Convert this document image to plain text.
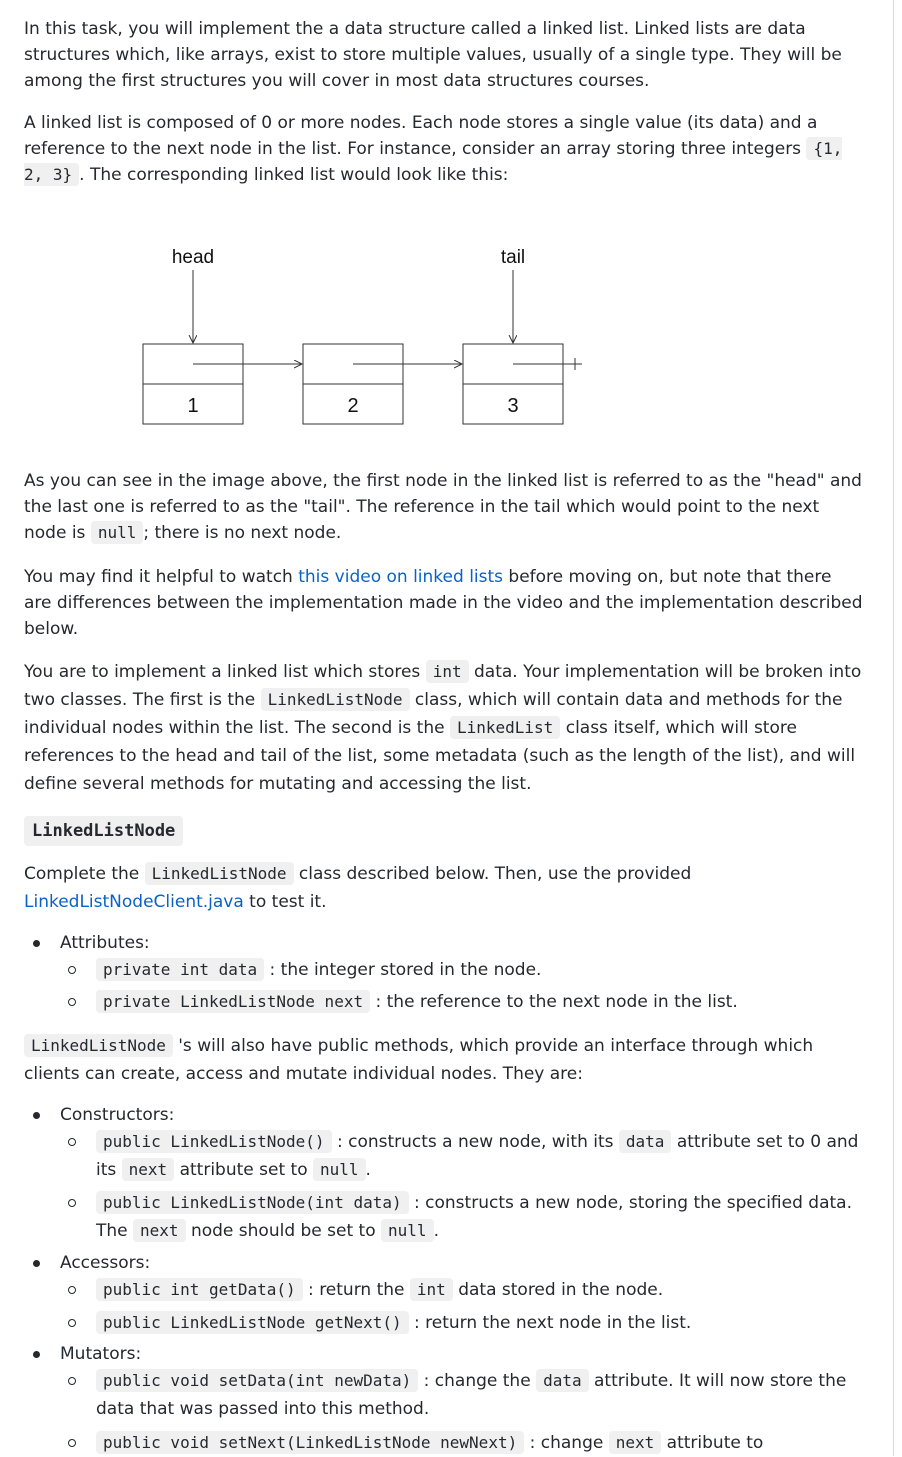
In this task, you will implement the a data structure called a linked list. Linked lists are data structures which, like arrays, exist to store multiple values, usually of a single type. They will be among the first structures you will cover in most data structures courses.

A linked list is composed of 0 or more nodes. Each node stores a single value (its data) and a reference to the next node in the list. For instance, consider an array storing three integers {1, 2, 3} . The corresponding linked list would look like this:

head	tail
1	2	3

As you can see in the image above, the first node in the linked list is referred to as the "head" and the last one is referred to as the "tail". The reference in the tail which would point to the next node is null ; there is no next node.

You may find it helpful to watch this video on linked lists before moving on, but note that there are differences between the implementation made in the video and the implementation described below.

You are to implement a linked list which stores int data. Your implementation will be broken into two classes. The first is the LinkedListNode class, which will contain data and methods for the individual nodes within the list. The second is the LinkedList class itself, which will store references to the head and tail of the list, some metadata (such as the length of the list), and will define several methods for mutating and accessing the list.

LinkedListNode

Complete the LinkedListNode class described below. Then, use the provided
LinkedListNodeClient.java to test it.

Attributes:
private int data : the integer stored in the node.
private LinkedListNode next : the reference to the next node in the list.

LinkedListNode 's will also have public methods, which provide an interface through which clients can create, access and mutate individual nodes. They are:

Constructors:
public LinkedListNode() : constructs a new node, with its data attribute set to 0 and its next attribute set to null .
public LinkedListNode(int data) : constructs a new node, storing the specified data. The next node should be set to null .
Accessors:
public int getData() : return the int data stored in the node.
public LinkedListNode getNext() : return the next node in the list.
Mutators:
public void setData(int newData) : change the data attribute. It will now store the data that was passed into this method.
public void setNext(LinkedListNode newNext) : change next attribute to
